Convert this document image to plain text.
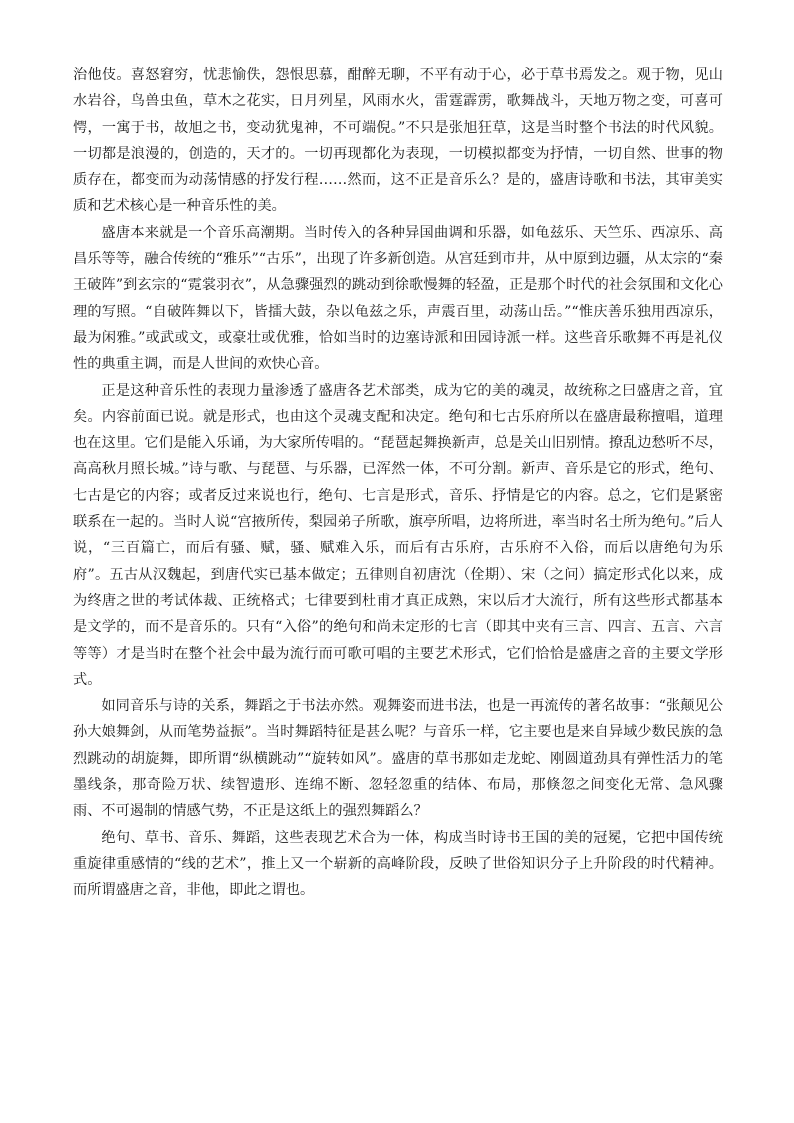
治他伎。喜怒窘穷，忧悲愉佚，怨恨思慕，酣醉无聊，不平有动于心，必于草书焉发之。观于物，见山水岩谷，鸟兽虫鱼，草木之花实，日月列星，风雨水火，雷霆霹雳，歌舞战斗，天地万物之变，可喜可愕，一寓于书，故旭之书，变动犹鬼神，不可端倪。”不只是张旭狂草，这是当时整个书法的时代风貌。一切都是浪漫的，创造的，天才的。一切再现都化为表现，一切模拟都变为抒情，一切自然、世事的物质存在，都变而为动荡情感的抒发行程……然而，这不正是音乐么？是的，盛唐诗歌和书法，其审美实质和艺术核心是一种音乐性的美。

盛唐本来就是一个音乐高潮期。当时传入的各种异国曲调和乐器，如龟兹乐、天竺乐、西凉乐、高昌乐等等，融合传统的“雅乐”“古乐”，出现了许多新创造。从宫廷到市井，从中原到边疆，从太宗的“秦王破阵”到玄宗的“霓裳羽衣”，从急骤强烈的跳动到徐歌慢舞的轻盈，正是那个时代的社会氛围和文化心理的写照。“自破阵舞以下，皆擂大鼓，杂以龟兹之乐，声震百里，动荡山岳。”“惟庆善乐独用西凉乐，最为闲雅。”或武或文，或豪壮或优雅，恰如当时的边塞诗派和田园诗派一样。这些音乐歌舞不再是礼仪性的典重主调，而是人世间的欢快心音。

正是这种音乐性的表现力量渗透了盛唐各艺术部类，成为它的美的魂灵，故统称之曰盛唐之音，宜矣。内容前面已说。就是形式，也由这个灵魂支配和决定。绝句和七古乐府所以在盛唐最称擅唱，道理也在这里。它们是能入乐诵，为大家所传唱的。“琵琶起舞换新声，总是关山旧别情。撩乱边愁听不尽，高高秋月照长城。”诗与歌、与琵琶、与乐器，已浑然一体，不可分割。新声、音乐是它的形式，绝句、七古是它的内容；或者反过来说也行，绝句、七言是形式，音乐、抒情是它的内容。总之，它们是紧密联系在一起的。当时人说“宫掖所传，梨园弟子所歌，旗亭所唱，边将所进，率当时名士所为绝句。”后人说，“三百篇亡，而后有骚、赋，骚、赋难入乐，而后有古乐府，古乐府不入俗，而后以唐绝句为乐府”。五古从汉魏起，到唐代实已基本做定；五律则自初唐沈（佺期）、宋（之问）搞定形式化以来，成为终唐之世的考试体裁、正统格式；七律要到杜甫才真正成熟，宋以后才大流行，所有这些形式都基本是文学的，而不是音乐的。只有“入俗”的绝句和尚未定形的七言（即其中夹有三言、四言、五言、六言等等）才是当时在整个社会中最为流行而可歌可唱的主要艺术形式，它们恰恰是盛唐之音的主要文学形式。

如同音乐与诗的关系，舞蹈之于书法亦然。观舞姿而进书法，也是一再流传的著名故事：“张颠见公孙大娘舞剑，从而笔势益振”。当时舞蹈特征是甚么呢？与音乐一样，它主要也是来自异域少数民族的急烈跳动的胡旋舞，即所谓“纵横跳动”“旋转如风”。盛唐的草书那如走龙蛇、刚圆道劲具有弹性活力的笔墨线条，那奇险万状、续智遗形、连绵不断、忽轻忽重的结体、布局，那倏忽之间变化无常、急风骤雨、不可遏制的情感气势，不正是这纸上的强烈舞蹈么？

绝句、草书、音乐、舞蹈，这些表现艺术合为一体，构成当时诗书王国的美的冠冕，它把中国传统重旋律重感情的“线的艺术”，推上又一个崭新的高峰阶段，反映了世俗知识分子上升阶段的时代精神。而所谓盛唐之音，非他，即此之谓也。
